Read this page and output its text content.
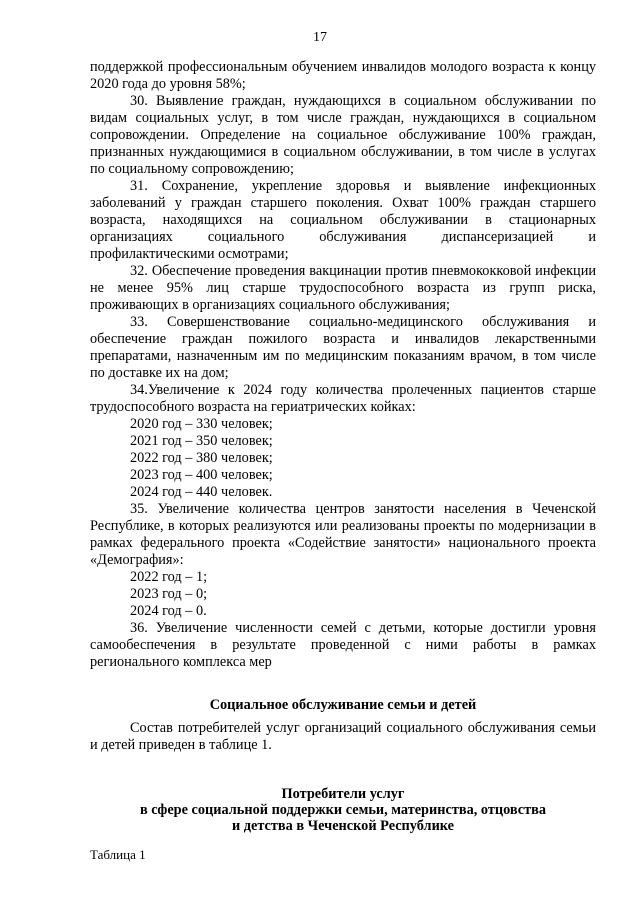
17

поддержкой профессиональным обучением инвалидов молодого возраста к концу 2020 года до уровня 58%;

30. Выявление граждан, нуждающихся в социальном обслуживании по видам социальных услуг, в том числе граждан, нуждающихся в социальном сопровождении. Определение на социальное обслуживание 100% граждан, признанных нуждающимися в социальном обслуживании, в том числе в услугах по социальному сопровождению;

31. Сохранение, укрепление здоровья и выявление инфекционных заболеваний у граждан старшего поколения. Охват 100% граждан старшего возраста, находящихся на социальном обслуживании в стационарных организациях социального обслуживания диспансеризацией и профилактическими осмотрами;

32. Обеспечение проведения вакцинации против пневмококковой инфекции не менее 95% лиц старше трудоспособного возраста из групп риска, проживающих в организациях социального обслуживания;

33. Совершенствование социально-медицинского обслуживания и обеспечение граждан пожилого возраста и инвалидов лекарственными препаратами, назначенным им по медицинским показаниям врачом, в том числе по доставке их на дом;

34.Увеличение к 2024 году количества пролеченных пациентов старше трудоспособного возраста на гериатрических койках:

2020 год – 330 человек;

2021 год – 350 человек;

2022 год – 380 человек;

2023 год – 400 человек;

2024 год – 440 человек.

35. Увеличение количества центров занятости населения в Чеченской Республике, в которых реализуются или реализованы проекты по модернизации в рамках федерального проекта «Содействие занятости» национального проекта «Демография»:

2022 год – 1;

2023 год – 0;

2024 год – 0.

36. Увеличение численности семей с детьми, которые достигли уровня самообеспечения в результате проведенной с ними работы в рамках регионального комплекса мер

Социальное обслуживание семьи и детей

Состав потребителей услуг организаций социального обслуживания семьи и детей приведен в таблице 1.

Потребители услуг
в сфере социальной поддержки семьи, материнства, отцовства
и детства в Чеченской Республике
Таблица 1
